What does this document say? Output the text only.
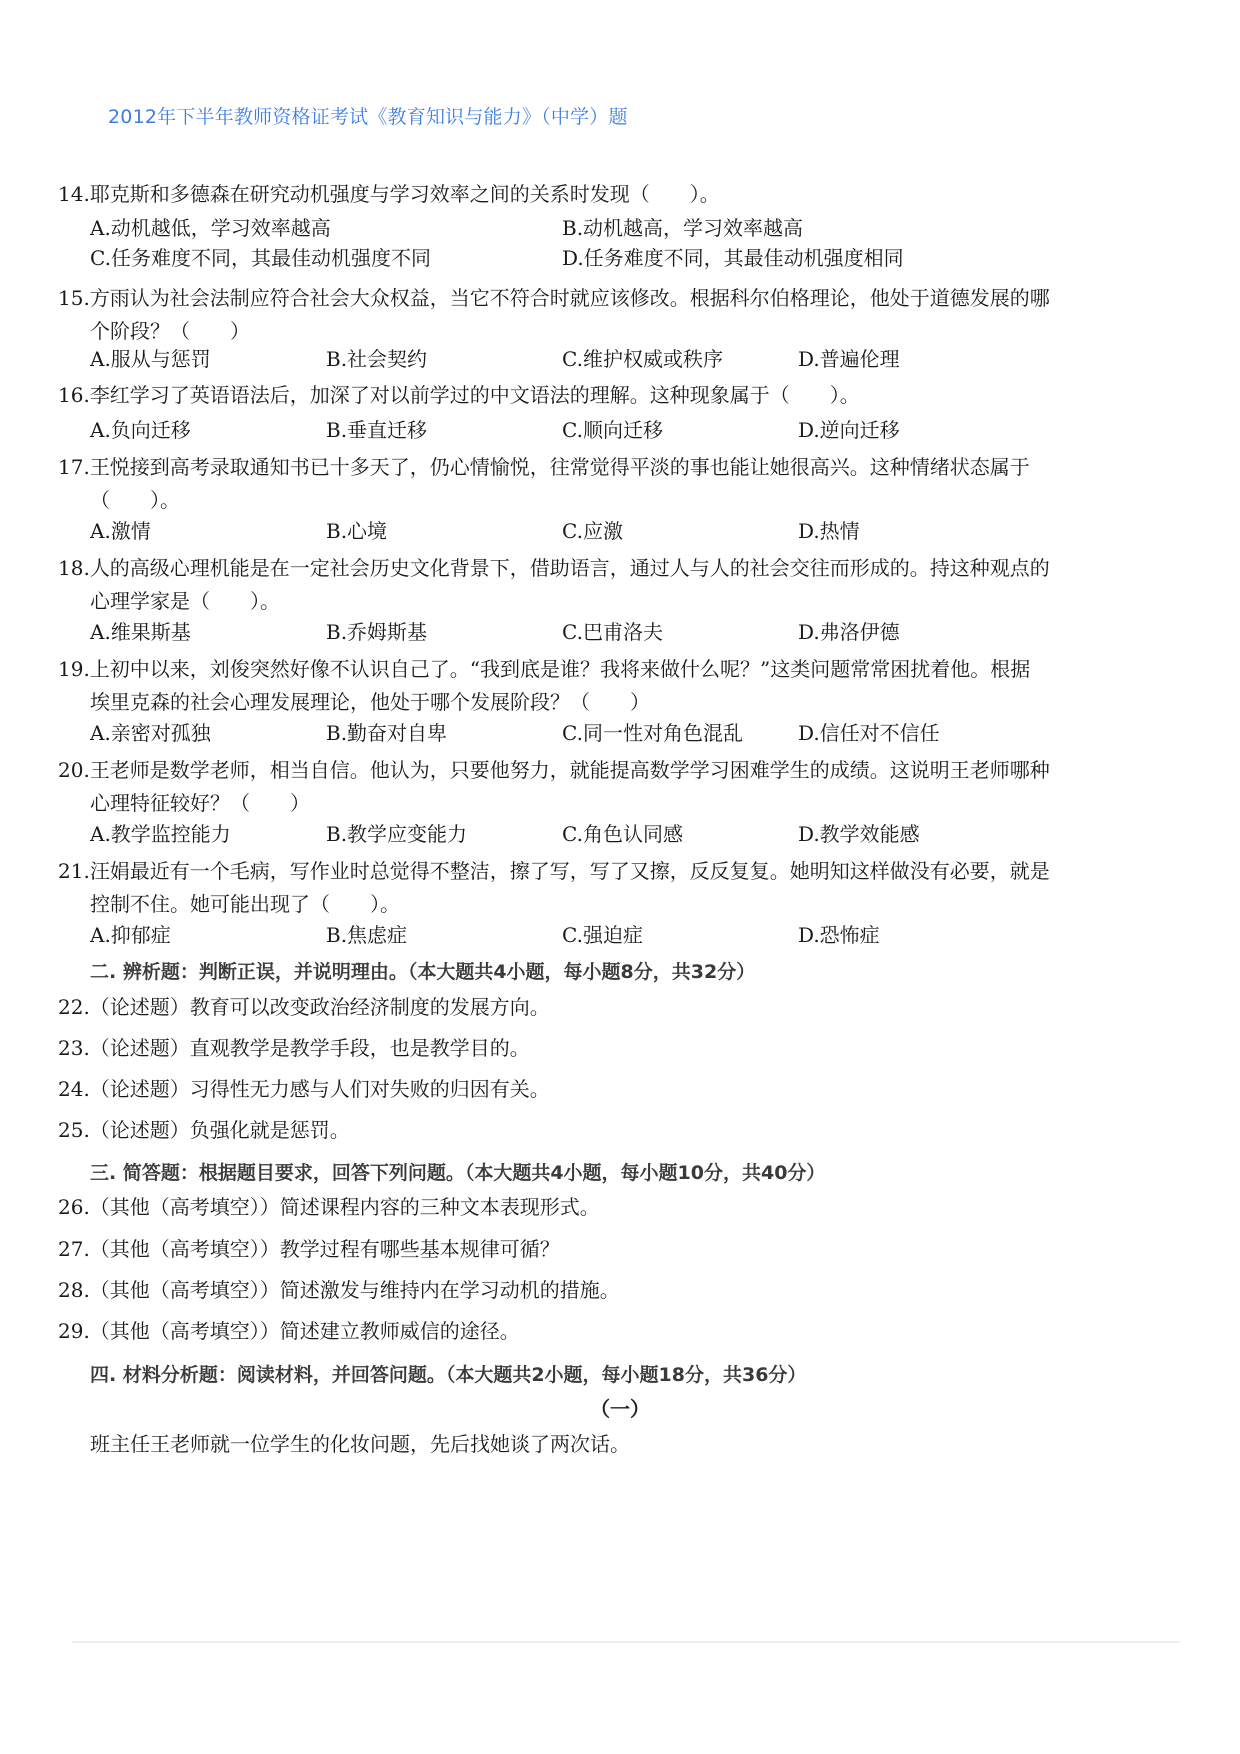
2012年下半年教师资格证考试《教育知识与能力》（中学）题
14.耶克斯和多德森在研究动机强度与学习效率之间的关系时发现（　　）。
A.动机越低，学习效率越高	B.动机越高，学习效率越高
C.任务难度不同，其最佳动机强度不同	D.任务难度不同，其最佳动机强度相同
15.方雨认为社会法制应符合社会大众权益，当它不符合时就应该修改。根据科尔伯格理论，他处于道德发展的哪
个阶段？（　　）
A.服从与惩罚	B.社会契约	C.维护权威或秩序	D.普遍伦理
16.李红学习了英语语法后，加深了对以前学过的中文语法的理解。这种现象属于（　　）。
A.负向迁移	B.垂直迁移	C.顺向迁移	D.逆向迁移
17.王悦接到高考录取通知书已十多天了，仍心情愉悦，往常觉得平淡的事也能让她很高兴。这种情绪状态属于
（　　）。
A.激情	B.心境	C.应激	D.热情
18.人的高级心理机能是在一定社会历史文化背景下，借助语言，通过人与人的社会交往而形成的。持这种观点的
心理学家是（　　）。
A.维果斯基	B.乔姆斯基	C.巴甫洛夫	D.弗洛伊德
19.上初中以来，刘俊突然好像不认识自己了。“我到底是谁？我将来做什么呢？”这类问题常常困扰着他。根据
埃里克森的社会心理发展理论，他处于哪个发展阶段？（　　）
A.亲密对孤独	B.勤奋对自卑	C.同一性对角色混乱	D.信任对不信任
20.王老师是数学老师，相当自信。他认为，只要他努力，就能提高数学学习困难学生的成绩。这说明王老师哪种
心理特征较好？（　　）
A.教学监控能力	B.教学应变能力	C.角色认同感	D.教学效能感
21.汪娟最近有一个毛病，写作业时总觉得不整洁，擦了写，写了又擦，反反复复。她明知这样做没有必要，就是
控制不住。她可能出现了（　　）。
A.抑郁症	B.焦虑症	C.强迫症	D.恐怖症
二. 辨析题：判断正误，并说明理由。（本大题共4小题，每小题8分，共32分）
22.（论述题）教育可以改变政治经济制度的发展方向。
23.（论述题）直观教学是教学手段，也是教学目的。
24.（论述题）习得性无力感与人们对失败的归因有关。
25.（论述题）负强化就是惩罚。
三. 简答题：根据题目要求，回答下列问题。（本大题共4小题，每小题10分，共40分）
26.（其他（高考填空））简述课程内容的三种文本表现形式。
27.（其他（高考填空））教学过程有哪些基本规律可循？
28.（其他（高考填空））简述激发与维持内在学习动机的措施。
29.（其他（高考填空））简述建立教师威信的途径。
四. 材料分析题：阅读材料，并回答问题。（本大题共2小题，每小题18分，共36分）
（一）
班主任王老师就一位学生的化妆问题，先后找她谈了两次话。
